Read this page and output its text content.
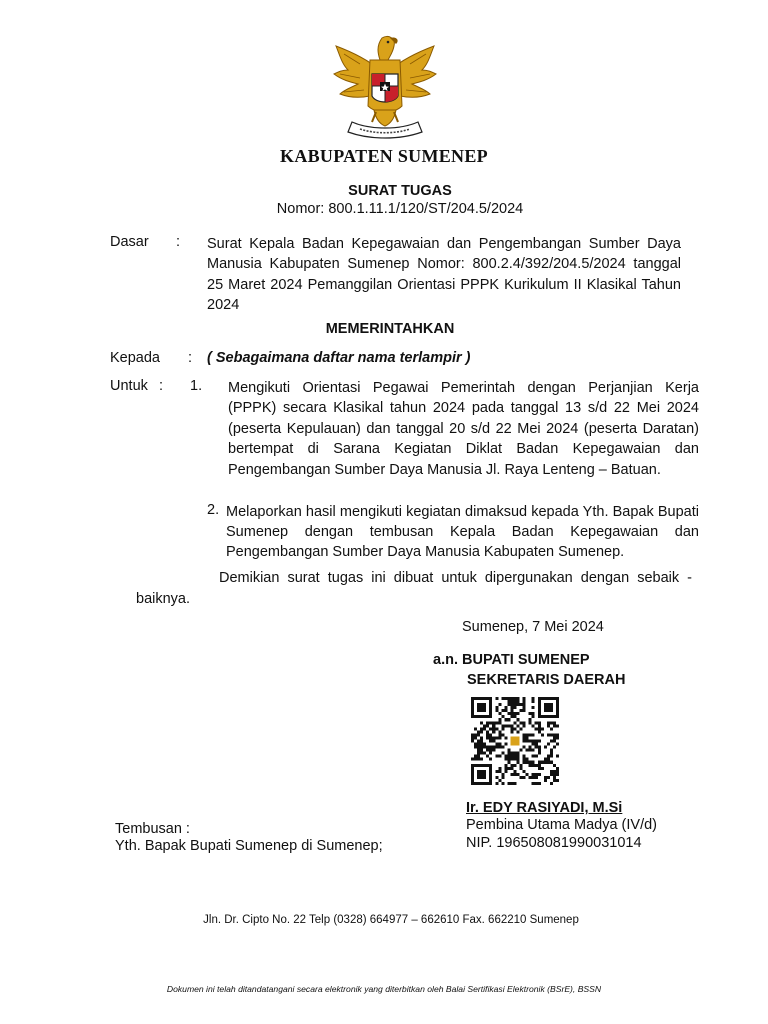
KABUPATEN SUMENEP
SURAT TUGAS
Nomor: 800.1.11.1/120/ST/204.5/2024
Dasar : Surat Kepala Badan Kepegawaian dan Pengembangan Sumber Daya Manusia Kabupaten Sumenep Nomor: 800.2.4/392/204.5/2024 tanggal 25 Maret 2024 Pemanggilan Orientasi PPPK Kurikulum II Klasikal Tahun 2024
MEMERINTAHKAN
Kepada : ( Sebagaimana daftar nama terlampir )
Untuk : 1. Mengikuti Orientasi Pegawai Pemerintah dengan Perjanjian Kerja (PPPK) secara Klasikal tahun 2024 pada tanggal 13 s/d 22 Mei 2024 (peserta Kepulauan) dan tanggal 20 s/d 22 Mei 2024 (peserta Daratan) bertempat di Sarana Kegiatan Diklat Badan Kepegawaian dan Pengembangan Sumber Daya Manusia Jl. Raya Lenteng – Batuan.
2. Melaporkan hasil mengikuti kegiatan dimaksud kepada Yth. Bapak Bupati Sumenep dengan tembusan Kepala Badan Kepegawaian dan Pengembangan Sumber Daya Manusia Kabupaten Sumenep.
Demikian surat tugas ini dibuat untuk dipergunakan dengan sebaik - baiknya.
Sumenep, 7 Mei 2024
a.n. BUPATI SUMENEP
SEKRETARIS DAERAH
Ir. EDY RASIYADI, M.Si
Pembina Utama Madya (IV/d)
NIP. 196508081990031014
Tembusan :
Yth. Bapak Bupati Sumenep di Sumenep;
Jln. Dr. Cipto No. 22 Telp (0328) 664977 – 662610 Fax. 662210 Sumenep
Dokumen ini telah ditandatangani secara elektronik yang diterbitkan oleh Balai Sertifikasi Elektronik (BSrE), BSSN
